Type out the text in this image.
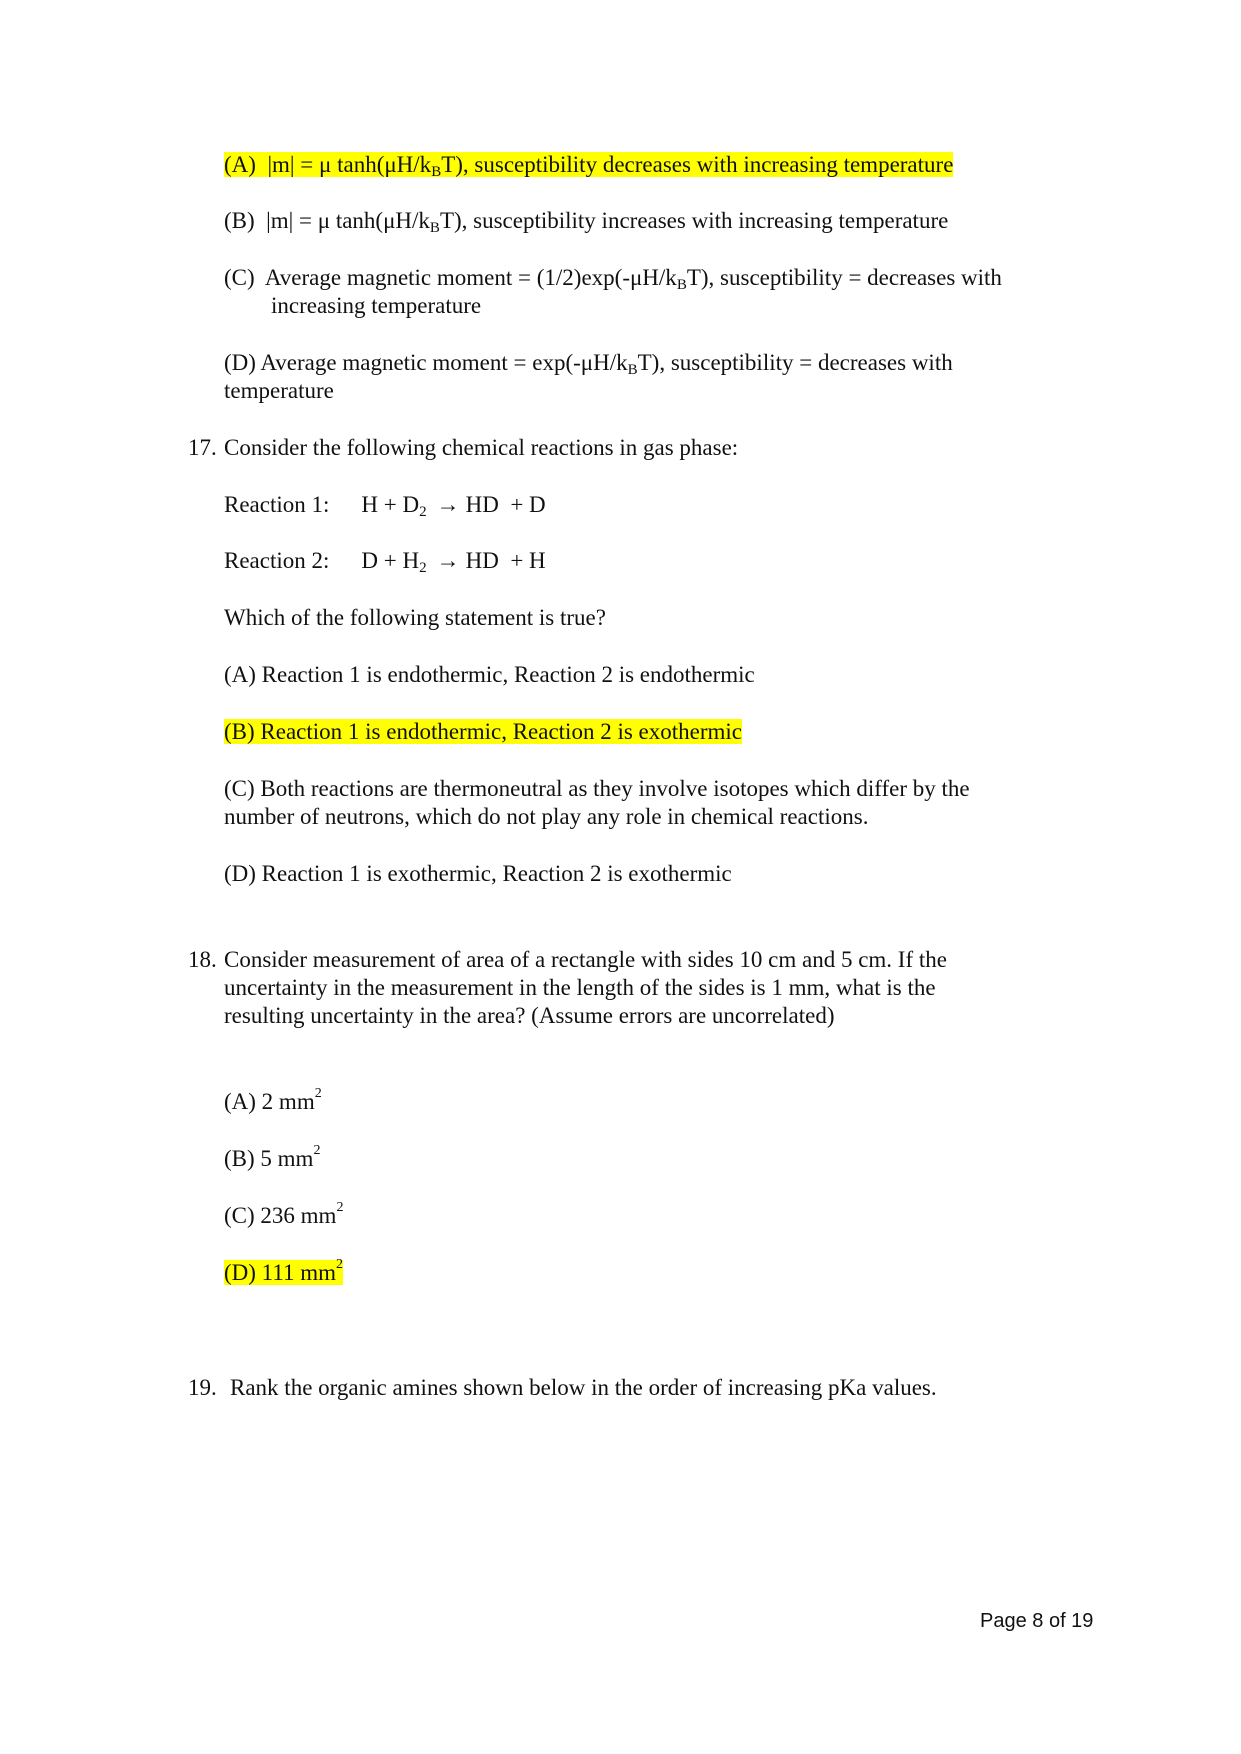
(A) |m| = μ $\tanh(\mu H/k_BT)$, susceptibility decreases with increasing temperature
(B) |m| = μ $\tanh(\mu H/k_BT)$, susceptibility increases with increasing temperature
(C) Average magnetic moment = $(1/2)\exp(-\mu H/k_BT)$, susceptibility = decreases with
increasing temperature
(D) Average magnetic moment = $\exp(-\mu H/k_BT)$, susceptibility = decreases with
temperature
17. Consider the following chemical reactions in gas phase:
Reaction 1: $H + D_2$ → HD  + D
Reaction 2: $D + H_2$ → HD  + H
Which of the following statement is true?
(A) Reaction 1 is endothermic, Reaction 2 is endothermic
(B) Reaction 1 is endothermic, Reaction 2 is exothermic
(C) Both reactions are thermoneutral as they involve isotopes which differ by the
number of neutrons, which do not play any role in chemical reactions.
(D) Reaction 1 is exothermic, Reaction 2 is exothermic
18. Consider measurement of area of a rectangle with sides 10 cm and 5 cm. If the
uncertainty in the measurement in the length of the sides is 1 mm, what is the
resulting uncertainty in the area? (Assume errors are uncorrelated)
(A) 2 $mm^2$
(B) 5 $mm^2$
(C) 236 $mm^2$
(D) 111 $mm^2$
19. Rank the organic amines shown below in the order of increasing pKa values.
Page 8 of 19
